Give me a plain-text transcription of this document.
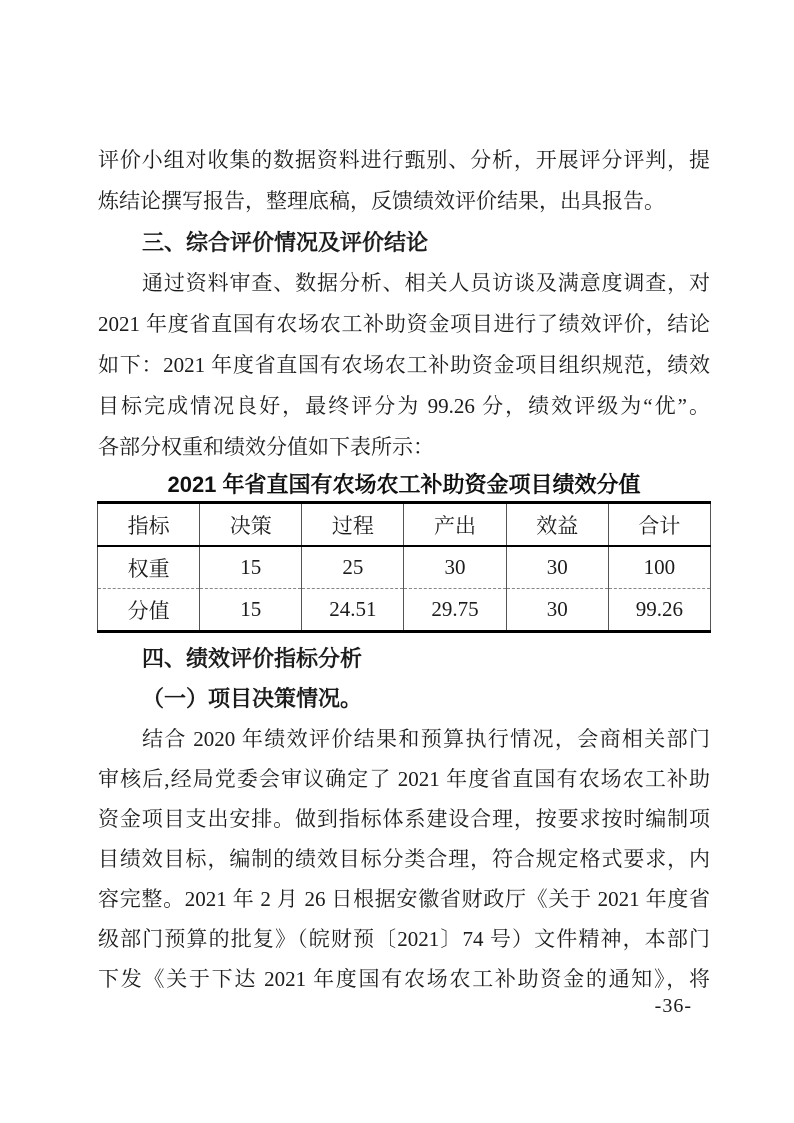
评价小组对收集的数据资料进行甄别、分析，开展评分评判，提
炼结论撰写报告，整理底稿，反馈绩效评价结果，出具报告。
三、综合评价情况及评价结论
通过资料审查、数据分析、相关人员访谈及满意度调查，对
2021 年度省直国有农场农工补助资金项目进行了绩效评价，结论
如下：2021 年度省直国有农场农工补助资金项目组织规范，绩效
目标完成情况良好，最终评分为 99.26 分，绩效评级为“优”。
各部分权重和绩效分值如下表所示：
2021 年省直国有农场农工补助资金项目绩效分值
指标	决策	过程	产出	效益	合计
权重	15	25	30	30	100
分值	15	24.51	29.75	30	99.26
四、绩效评价指标分析
（一）项目决策情况。
结合 2020 年绩效评价结果和预算执行情况，会商相关部门
审核后,经局党委会审议确定了 2021 年度省直国有农场农工补助
资金项目支出安排。做到指标体系建设合理，按要求按时编制项
目绩效目标，编制的绩效目标分类合理，符合规定格式要求，内
容完整。2021 年 2 月 26 日根据安徽省财政厅《关于 2021 年度省
级部门预算的批复》（皖财预〔2021〕74 号）文件精神，本部门
下发《关于下达 2021 年度国有农场农工补助资金的通知》，将
-36-
